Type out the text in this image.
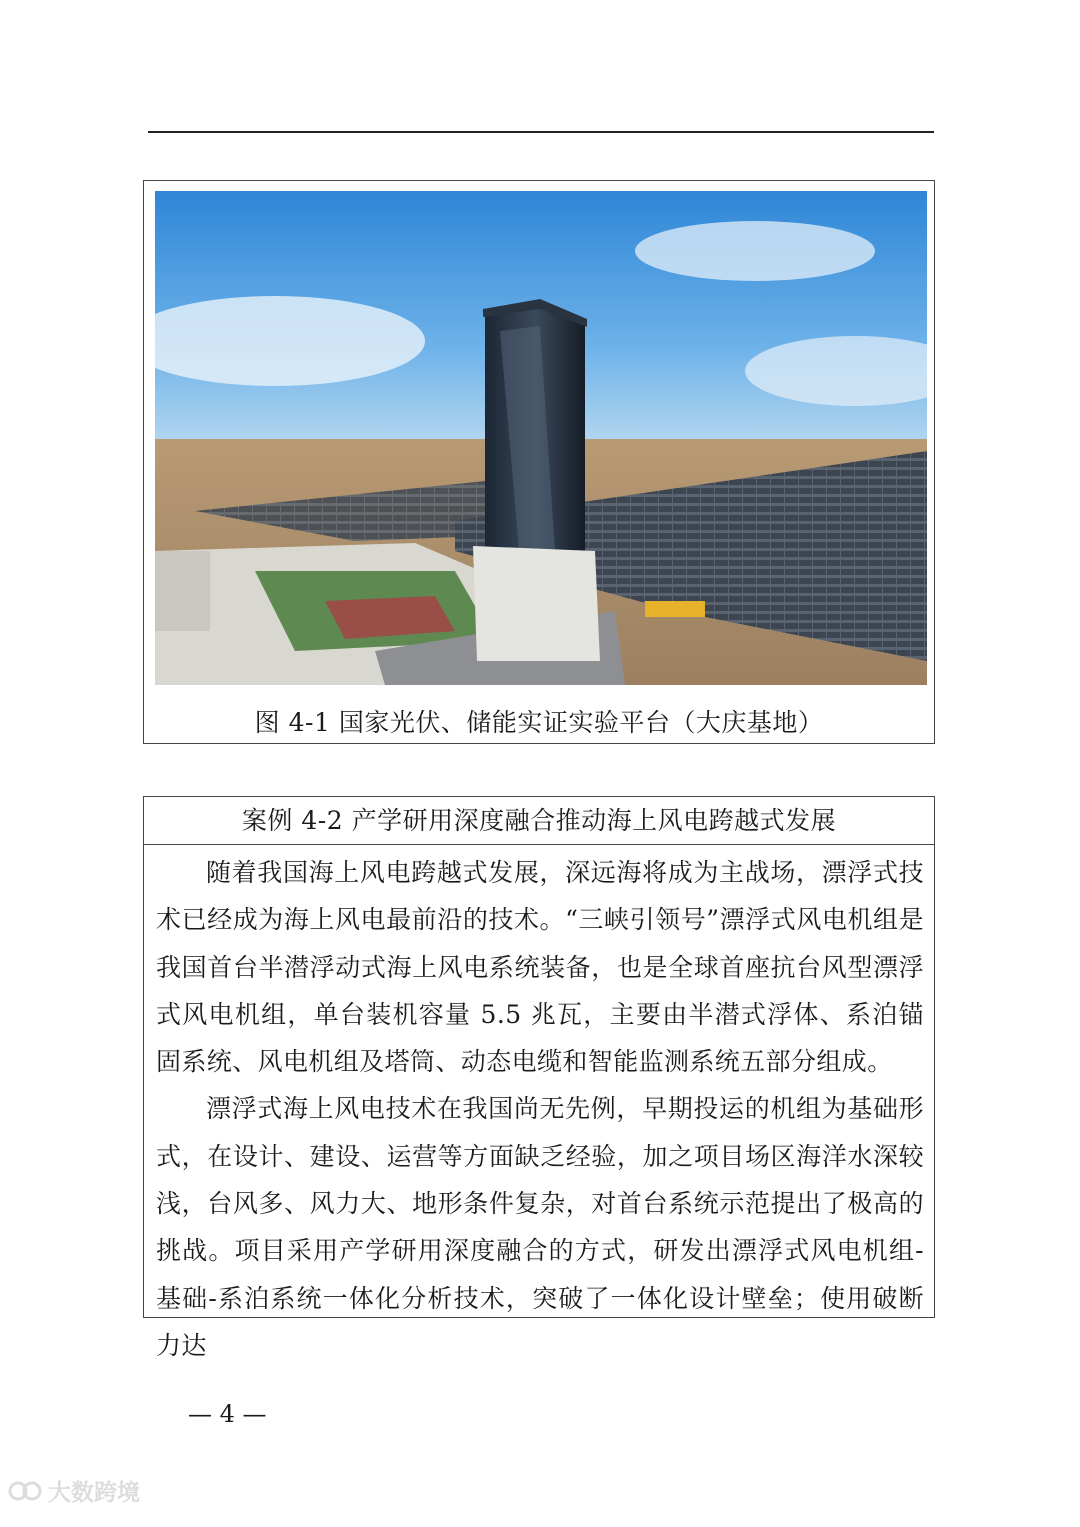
图 4-1 国家光伏、储能实证实验平台（大庆基地）
案例 4-2 产学研用深度融合推动海上风电跨越式发展

随着我国海上风电跨越式发展，深远海将成为主战场，漂浮式技术已经成为海上风电最前沿的技术。“三峡引领号”漂浮式风电机组是我国首台半潜浮动式海上风电系统装备，也是全球首座抗台风型漂浮式风电机组，单台装机容量 5.5 兆瓦，主要由半潜式浮体、系泊锚固系统、风电机组及塔筒、动态电缆和智能监测系统五部分组成。

漂浮式海上风电技术在我国尚无先例，早期投运的机组为基础形式，在设计、建设、运营等方面缺乏经验，加之项目场区海洋水深较浅，台风多、风力大、地形条件复杂，对首台系统示范提出了极高的挑战。项目采用产学研用深度融合的方式，研发出漂浮式风电机组-基础-系泊系统一体化分析技术，突破了一体化设计壁垒；使用破断力达

— 4 —
大数跨境
